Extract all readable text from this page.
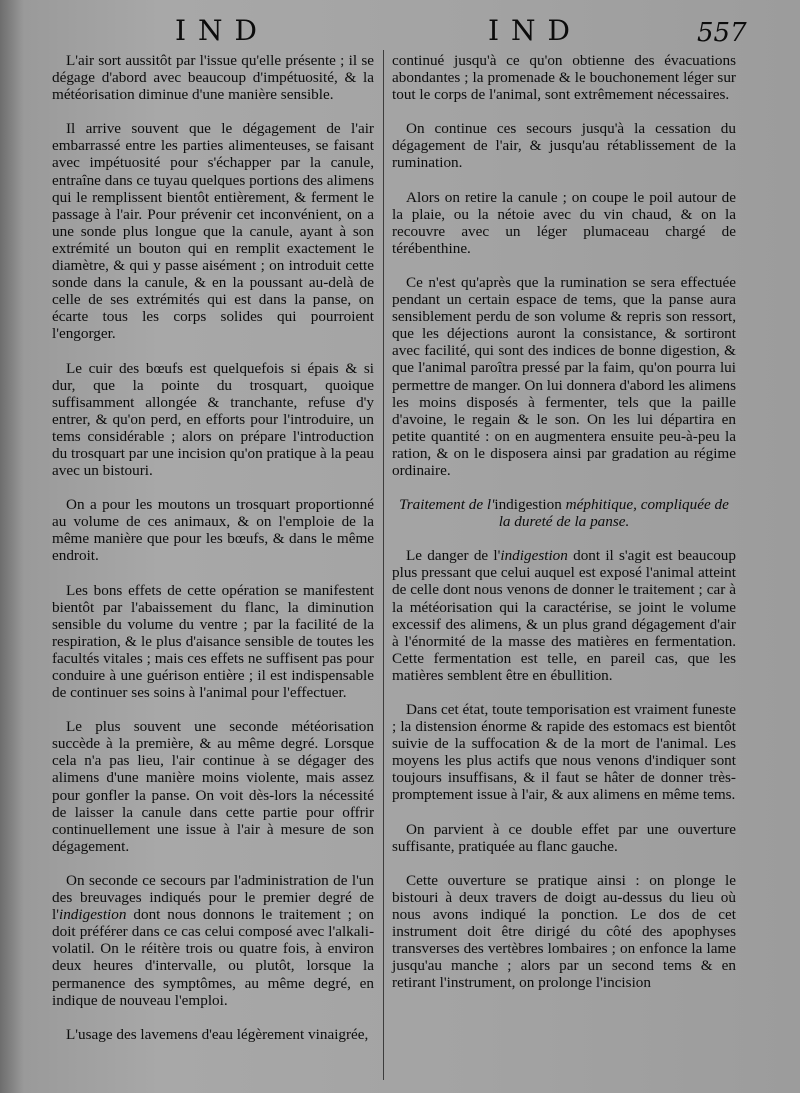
IND	IND	557

L'air sort aussitôt par l'issue qu'elle présente ; il se dégage d'abord avec beaucoup d'impétuosité, & la météorisation diminue d'une manière sensible.

Il arrive souvent que le dégagement de l'air embarrassé entre les parties alimenteuses, se faisant avec impétuosité pour s'échapper par la canule, entraîne dans ce tuyau quelques portions des alimens qui le remplissent bientôt entièrement, & ferment le passage à l'air. Pour prévenir cet inconvénient, on a une sonde plus longue que la canule, ayant à son extrémité un bouton qui en remplit exactement le diamètre, & qui y passe aisément ; on introduit cette sonde dans la canule, & en la poussant au-delà de celle de ses extrémités qui est dans la panse, on écarte tous les corps solides qui pourroient l'engorger.

Le cuir des bœufs est quelquefois si épais & si dur, que la pointe du trosquart, quoique suffisamment allongée & tranchante, refuse d'y entrer, & qu'on perd, en efforts pour l'introduire, un tems considérable ; alors on prépare l'introduction du trosquart par une incision qu'on pratique à la peau avec un bistouri.

On a pour les moutons un trosquart proportionné au volume de ces animaux, & on l'emploie de la même manière que pour les bœufs, & dans le même endroit.

Les bons effets de cette opération se manifestent bientôt par l'abaissement du flanc, la diminution sensible du volume du ventre ; par la facilité de la respiration, & le plus d'aisance sensible de toutes les facultés vitales ; mais ces effets ne suffisent pas pour conduire à une guérison entière ; il est indispensable de continuer ses soins à l'animal pour l'effectuer.

Le plus souvent une seconde météorisation succède à la première, & au même degré. Lorsque cela n'a pas lieu, l'air continue à se dégager des alimens d'une manière moins violente, mais assez pour gonfler la panse. On voit dès-lors la nécessité de laisser la canule dans cette partie pour offrir continuellement une issue à l'air à mesure de son dégagement.

On seconde ce secours par l'administration de l'un des breuvages indiqués pour le premier degré de l'indigestion dont nous donnons le traitement ; on doit préférer dans ce cas celui composé avec l'alkali-volatil. On le réitère trois ou quatre fois, à environ deux heures d'intervalle, ou plutôt, lorsque la permanence des symptômes, au même degré, en indique de nouveau l'emploi.

L'usage des lavemens d'eau légèrement vinaigrée,

continué jusqu'à ce qu'on obtienne des évacuations abondantes ; la promenade & le bouchonement léger sur tout le corps de l'animal, sont extrêmement nécessaires.

On continue ces secours jusqu'à la cessation du dégagement de l'air, & jusqu'au rétablissement de la rumination.

Alors on retire la canule ; on coupe le poil autour de la plaie, ou la nétoie avec du vin chaud, & on la recouvre avec un léger plumaceau chargé de térébenthine.

Ce n'est qu'après que la rumination se sera effectuée pendant un certain espace de tems, que la panse aura sensiblement perdu de son volume & repris son ressort, que les déjections auront la consistance, & sortiront avec facilité, qui sont des indices de bonne digestion, & que l'animal paroîtra pressé par la faim, qu'on pourra lui permettre de manger. On lui donnera d'abord les alimens les moins disposés à fermenter, tels que la paille d'avoine, le regain & le son. On les lui départira en petite quantité : on en augmentera ensuite peu-à-peu la ration, & on le disposera ainsi par gradation au régime ordinaire.

Traitement de l'indigestion méphitique, compliquée de la dureté de la panse.

Le danger de l'indigestion dont il s'agit est beaucoup plus pressant que celui auquel est exposé l'animal atteint de celle dont nous venons de donner le traitement ; car à la météorisation qui la caractérise, se joint le volume excessif des alimens, & un plus grand dégagement d'air à l'énormité de la masse des matières en fermentation. Cette fermentation est telle, en pareil cas, que les matières semblent être en ébullition.

Dans cet état, toute temporisation est vraiment funeste ; la distension énorme & rapide des estomacs est bientôt suivie de la suffocation & de la mort de l'animal. Les moyens les plus actifs que nous venons d'indiquer sont toujours insuffisans, & il faut se hâter de donner très-promptement issue à l'air, & aux alimens en même tems.

On parvient à ce double effet par une ouverture suffisante, pratiquée au flanc gauche.

Cette ouverture se pratique ainsi : on plonge le bistouri à deux travers de doigt au-dessus du lieu où nous avons indiqué la ponction. Le dos de cet instrument doit être dirigé du côté des apophyses transverses des vertèbres lombaires ; on enfonce la lame jusqu'au manche ; alors par un second tems & en retirant l'instrument, on prolonge l'incision
